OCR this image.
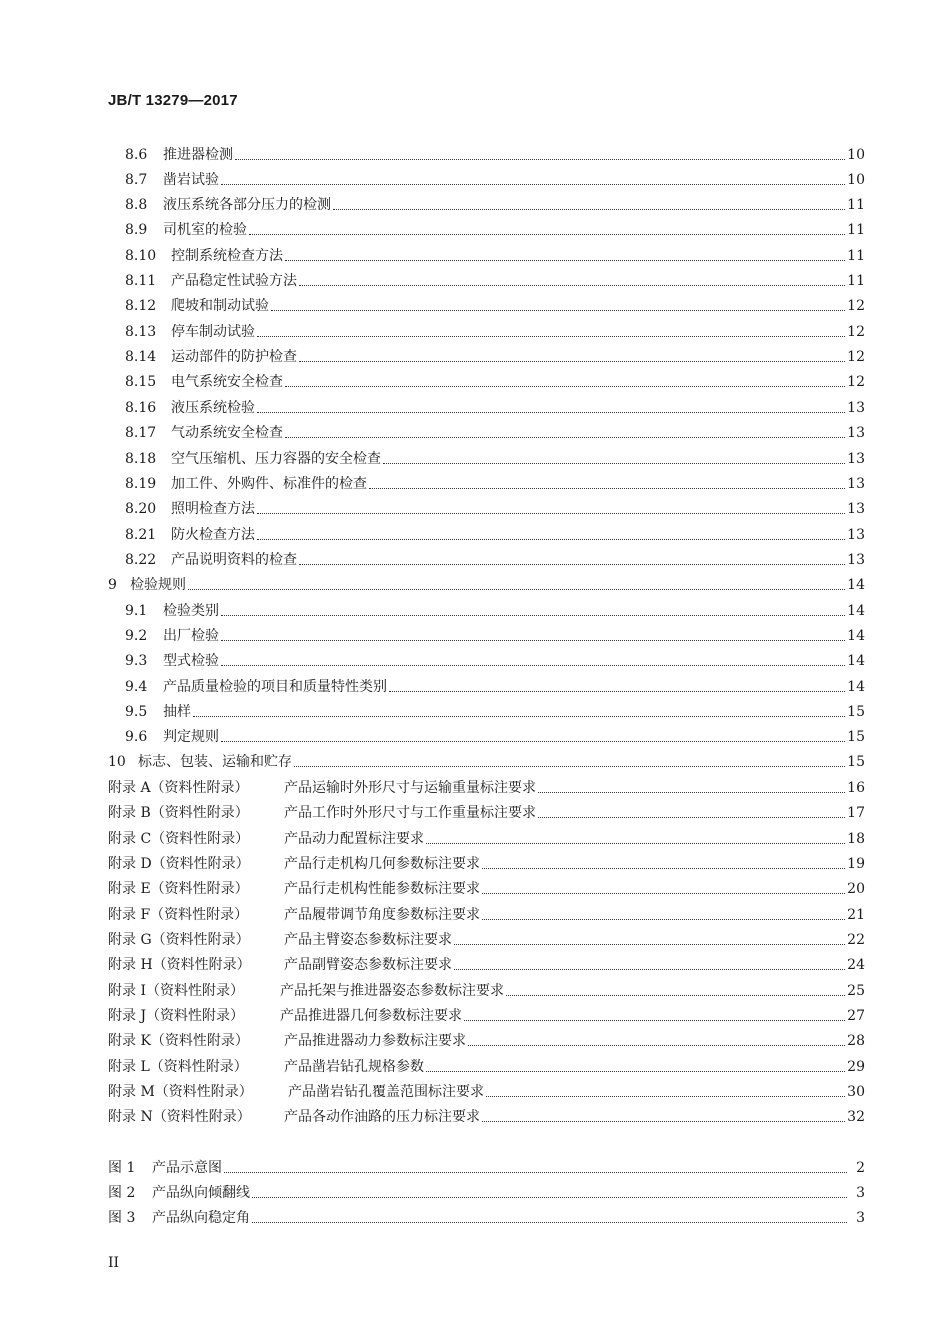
JB/T 13279—2017
8.6	推进器检测	10
8.7	凿岩试验	10
8.8	液压系统各部分压力的检测	11
8.9	司机室的检验	11
8.10	控制系统检查方法	11
8.11	产品稳定性试验方法	11
8.12	爬坡和制动试验	12
8.13	停车制动试验	12
8.14	运动部件的防护检查	12
8.15	电气系统安全检查	12
8.16	液压系统检验	13
8.17	气动系统安全检查	13
8.18	空气压缩机、压力容器的安全检查	13
8.19	加工件、外购件、标准件的检查	13
8.20	照明检查方法	13
8.21	防火检查方法	13
8.22	产品说明资料的检查	13
9 检验规则	14
9.1	检验类别	14
9.2	出厂检验	14
9.3	型式检验	14
9.4	产品质量检验的项目和质量特性类别	14
9.5	抽样	15
9.6	判定规则	15
10 标志、包装、运输和贮存	15
附录 A（资料性附录）	产品运输时外形尺寸与运输重量标注要求	16
附录 B（资料性附录）	产品工作时外形尺寸与工作重量标注要求	17
附录 C（资料性附录）	产品动力配置标注要求	18
附录 D（资料性附录）	产品行走机构几何参数标注要求	19
附录 E（资料性附录）	产品行走机构性能参数标注要求	20
附录 F（资料性附录）	产品履带调节角度参数标注要求	21
附录 G（资料性附录）	产品主臂姿态参数标注要求	22
附录 H（资料性附录）	产品副臂姿态参数标注要求	24
附录 I（资料性附录）	产品托架与推进器姿态参数标注要求	25
附录 J（资料性附录）	产品推进器几何参数标注要求	27
附录 K（资料性附录）	产品推进器动力参数标注要求	28
附录 L（资料性附录）	产品凿岩钻孔规格参数	29
附录 M（资料性附录）	产品凿岩钻孔覆盖范围标注要求	30
附录 N（资料性附录）	产品各动作油路的压力标注要求	32
图 1	产品示意图	2
图 2	产品纵向倾翻线	3
图 3	产品纵向稳定角	3
II
